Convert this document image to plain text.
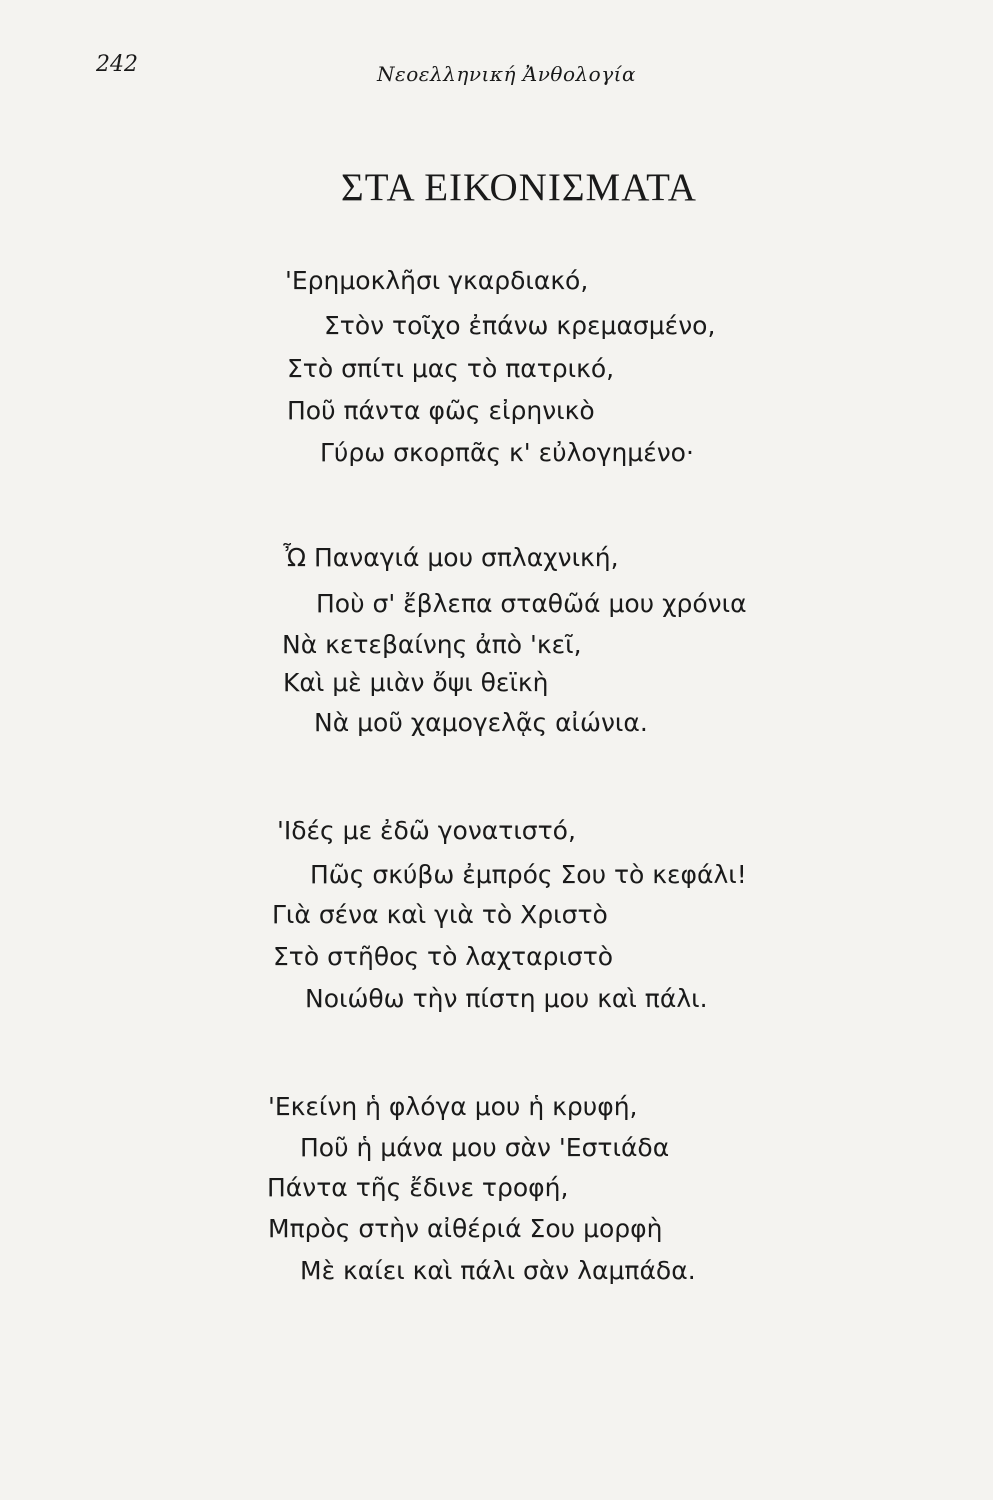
242	Νεοελληνική Ἀνθολογία
ΣΤΑ ΕΙΚΟΝΙΣΜΑΤΑ
'Ερημοκλῆσι γκαρδιακό,
Στὸν τοῖχο ἐπάνω κρεμασμένο,
Στὸ σπίτι μας τὸ πατρικό,
Ποῦ πάντα φῶς εἰρηνικὸ
Γύρω σκορπᾶς κ' εὐλογημένο·
Ὦ Παναγιά μου σπλαχνική,
Ποὺ σ' ἔβλεπα σταθῶά μου χρόνια
Νὰ κετεβαίνης ἀπὸ 'κεῖ,
Καὶ μὲ μιὰν ὄψι θεϊκὴ
Νὰ μοῦ χαμογελᾷς αἰώνια.
'Ιδές με ἐδῶ γονατιστό,
Πῶς σκύβω ἐμπρός Σου τὸ κεφάλι!
Γιὰ σένα καὶ γιὰ τὸ Χριστὸ
Στὸ στῆθος τὸ λαχταριστὸ
Νοιώθω τὴν πίστη μου καὶ πάλι.
'Εκείνη ἡ φλόγα μου ἡ κρυφή,
Ποῦ ἡ μάνα μου σὰν 'Εστιάδα
Πάντα τῆς ἔδινε τροφή,
Μπρὸς στὴν αἰθέριά Σου μορφὴ
Μὲ καίει καὶ πάλι σὰν λαμπάδα.
